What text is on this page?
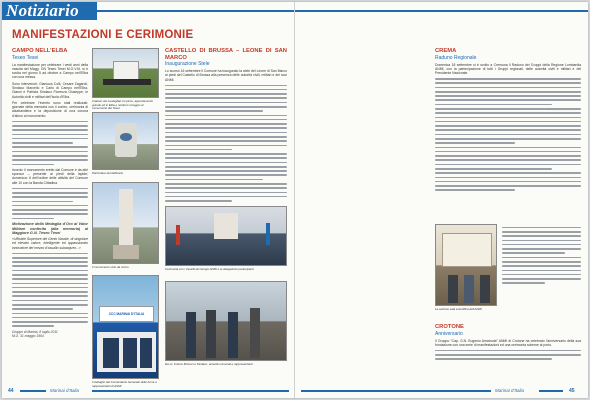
Notiziario
MANIFESTAZIONI E CERIMONIE
CAMPO NELL’ELBA
Teseo Tesei

La manifestazione per celebrare i venti anni della nascita del Magg. GN Teseo Tesei M.O.V.M. si è svolta nel giorno 5 ad ottobre a Campo nell’Elba con una messa.

Sono intervenuti: Gianluca Colli, Cesare Zagaroli, Sindaco Marcello e Carlo di Campo nell’Elba, Gianni e Patrizia Sindaco Fiorenza Giuseppe, le Autorità civili e militari dell’Isola d’Elba.

Per celebrare l’evento sono stati realizzati: giornate della memoria con il corteo, cerimonia di alzabandiera e la deposizione di una corona d’alloro al monumento.

ricordo: il monumento eretto dal Comune e da altri sponsor – presente ai piedi della lapide; domenica: 6 dell’ordine delle attività del Comune alle 10 con la Banda Cittadina.

Motivazione della Medaglia d’Oro al Valor Militare conferita (alla memoria) al Maggiore G.N. Teseo Tesei

«Ufficiale Superiore del Genio Navale, di singolare ed elevato valore, intelligente ed appassionato innovatore del mezzo d’assalto subacqueo...»

Gruppo di Marina, 8 luglio 2011
M.O. 31 maggio 1964
Il labaro dei medagliati col picco, appuntamento grande ed in Elba e rendono omaggio al monumento del Tesei.
Particolare del delfinario.
Il monumento visto da vicino.
CCC MARINAI D’ITALIA
Il dettaglio del Comandante Generale delle Arma e rappresentanti di ANMI
CASTELLO DI BRUSSA – LEONE DI SAN MARCO
Inaugurazione Stele

Lo scorso 16 settembre il Comune ha inaugurato la stele del Leone di San Marco ai piedi del Castello di Brussa alla presenza delle autorità civili, militari e dei soci ANMI.

Cerimonia con i Vessilli dei Gruppi ANMI e le delegazioni partecipanti.
Da sx: Franco Minucci e Sindaco, autorità comunali e rappresentanti.
44	Marinai d’Italia
CREMA
Raduno Regionale

Domenica 18 settembre si è svolto a Cremona il Raduno dei Gruppi della Regione Lombardia ANMI, con la partecipazione di tutti i Gruppi regionali, delle autorità civili e militari e del Presidente Nazionale.

La sezione sala scientifica dell’ANMI
CROTONE
Anniversario

Il Gruppo “Cap. G.N. Eugenio Amatruda” ANMI di Crotone ha celebrato l’anniversario della sua fondazione con una serie di manifestazioni ed una cerimonia solenne al porto.

Marinai d’Italia	45
